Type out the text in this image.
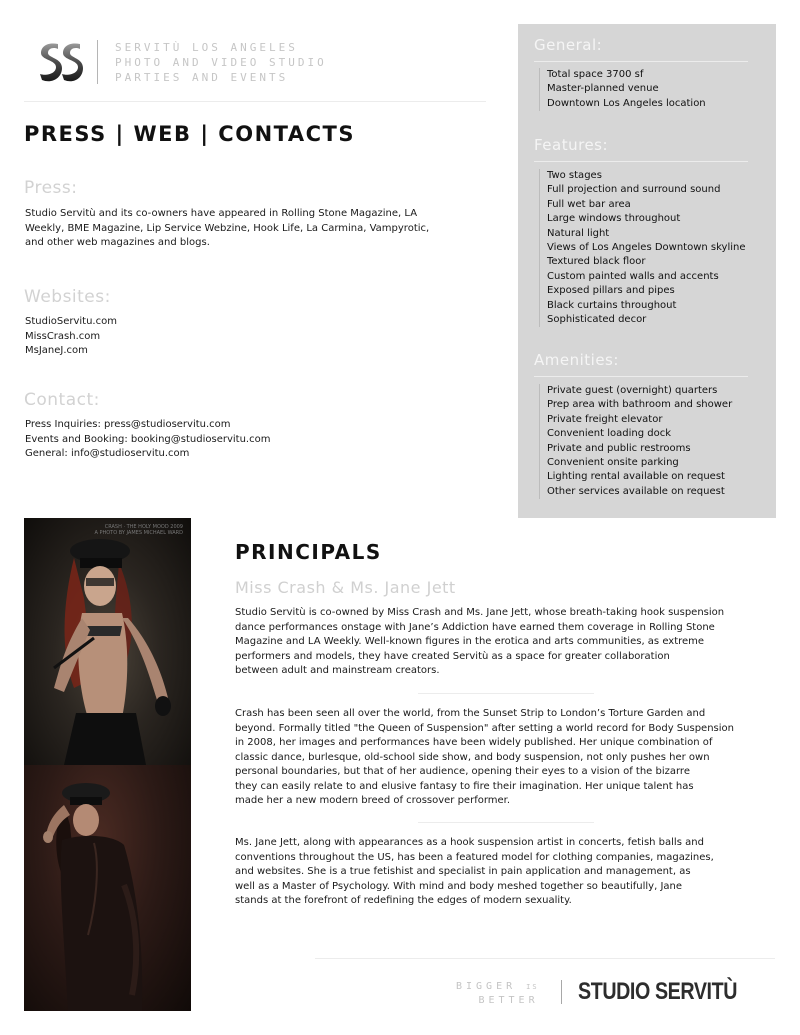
SERVITÙ LOS ANGELES
PHOTO AND VIDEO STUDIO
PARTIES AND EVENTS
PRESS | WEB | CONTACTS
Press:
Studio Servitù and its co-owners have appeared in Rolling Stone Magazine, LA
Weekly, BME Magazine, Lip Service Webzine, Hook Life, La Carmina, Vampyrotic,
and other web magazines and blogs.
Websites:
StudioServitu.com
MissCrash.com
MsJaneJ.com
Contact:
Press Inquiries: press@studioservitu.com
Events and Booking: booking@studioservitu.com
General: info@studioservitu.com
General:
Total space 3700 sf
Master-planned venue
Downtown Los Angeles location
Features:
Two stages
Full projection and surround sound
Full wet bar area
Large windows throughout
Natural light
Views of Los Angeles Downtown skyline
Textured black floor
Custom painted walls and accents
Exposed pillars and pipes
Black curtains throughout
Sophisticated decor
Amenities:
Private guest (overnight) quarters
Prep area with bathroom and shower
Private freight elevator
Convenient loading dock
Private and public restrooms
Convenient onsite parking
Lighting rental available on request
Other services available on request
CRASH · THE HOLY MOOD 2009
A PHOTO BY JAMES MICHAEL WARD
PRINCIPALS
Miss Crash & Ms. Jane Jett
Studio Servitù is co-owned by Miss Crash and Ms. Jane Jett, whose breath-taking hook suspension
dance performances onstage with Jane’s Addiction have earned them coverage in Rolling Stone
Magazine and LA Weekly. Well-known figures in the erotica and arts communities, as extreme
performers and models, they have created Servitù as a space for greater collaboration
between adult and mainstream creators.
Crash has been seen all over the world, from the Sunset Strip to London’s Torture Garden and
beyond. Formally titled "the Queen of Suspension" after setting a world record for Body Suspension
in 2008, her images and performances have been widely published. Her unique combination of
classic dance, burlesque, old-school side show, and body suspension, not only pushes her own
personal boundaries, but that of her audience, opening their eyes to a vision of the bizarre
they can easily relate to and elusive fantasy to fire their imagination. Her unique talent has
made her a new modern breed of crossover performer.
Ms. Jane Jett, along with appearances as a hook suspension artist in concerts, fetish balls and
conventions throughout the US, has been a featured model for clothing companies, magazines,
and websites. She is a true fetishist and specialist in pain application and management, as
well as a Master of Psychology. With mind and body meshed together so beautifully, Jane
stands at the forefront of redefining the edges of modern sexuality.
BIGGER IS
BETTER STUDIO SERVITÙ
